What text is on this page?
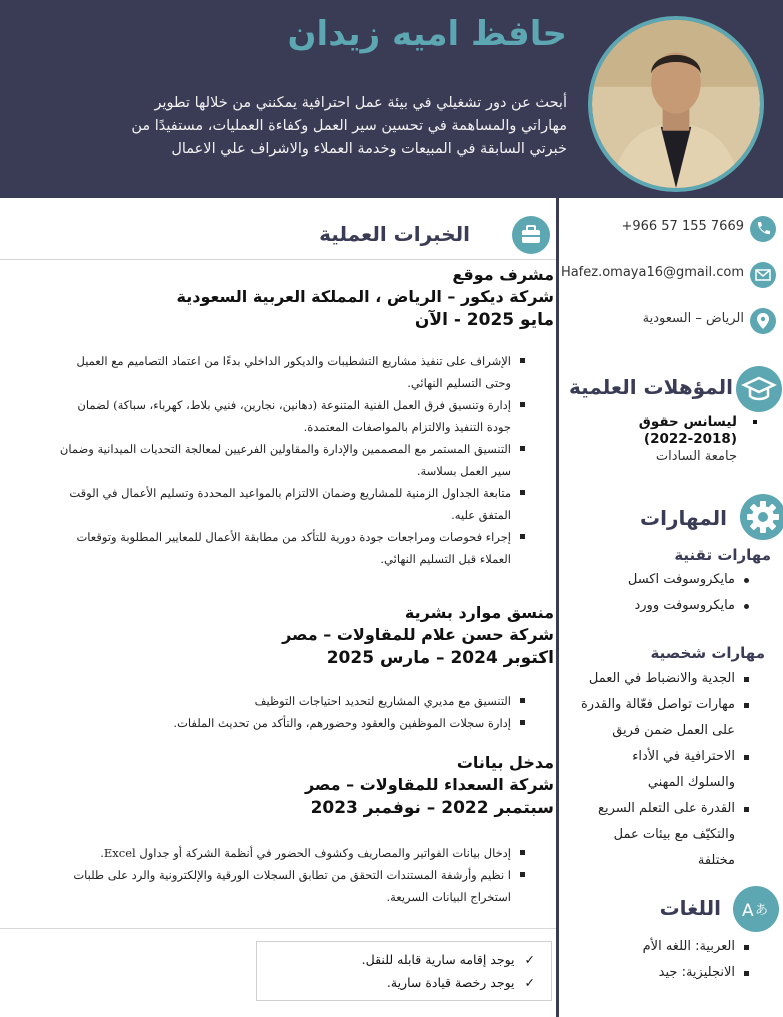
حافظ اميه زيدان
أبحث عن دور تشغيلي في بيئة عمل احترافية يمكنني من خلالها تطوير
مهاراتي والمساهمة في تحسين سير العمل وكفاءة العمليات، مستفيدًا من
خبرتي السابقة في المبيعات وخدمة العملاء والاشراف علي الاعمال
الخبرات العملية
مشرف موقع
شركة ديكور – الرياض ، المملكة العربية السعودية
مايو 2025 - الآن
الإشراف على تنفيذ مشاريع التشطيبات والديكور الداخلي بدءًا من اعتماد التصاميم مع العميل
وحتى التسليم النهائي.
إدارة وتنسيق فرق العمل الفنية المتنوعة (دهانين، نجارين، فنيي بلاط، كهرباء، سباكة) لضمان
جودة التنفيذ والالتزام بالمواصفات المعتمدة.
التنسيق المستمر مع المصممين والإدارة والمقاولين الفرعيين لمعالجة التحديات الميدانية وضمان
سير العمل بسلاسة.
متابعة الجداول الزمنية للمشاريع وضمان الالتزام بالمواعيد المحددة وتسليم الأعمال في الوقت
المتفق عليه.
إجراء فحوصات ومراجعات جودة دورية للتأكد من مطابقة الأعمال للمعايير المطلوبة وتوقعات
العملاء قبل التسليم النهائي.
منسق موارد بشرية
شركة حسن علام للمقاولات – مصر
اكتوبر 2024 – مارس 2025
التنسيق مع مديري المشاريع لتحديد احتياجات التوظيف
إدارة سجلات الموظفين والعقود وحضورهم، والتأكد من تحديث الملفات.
مدخل بيانات
شركة السعداء للمقاولات – مصر
سبتمبر 2022 – نوفمبر 2023
إدخال بيانات الفواتير والمصاريف وكشوف الحضور في أنظمة الشركة أو جداول Excel.
ا نظيم وأرشفة المستندات التحقق من تطابق السجلات الورقية والإلكترونية والرد على طلبات
استخراج البيانات السريعة.
✓يوجد إقامه سارية قابله للنقل.
✓يوجد رخصة قيادة سارية.
+966 57 155 7669
Hafez.omaya16@gmail.com
الرياض – السعودية
المؤهلات العلمية
ليسانس حقوق
(2022-2018)
جامعة السادات
المهارات
مهارات تقنية
مايكروسوفت اكسل
مايكروسوفت وورد
مهارات شخصية
الجدية والانضباط في العمل
مهارات تواصل فعّالة والقدرة
على العمل ضمن فريق
الاحترافية في الأداء
والسلوك المهني
القدرة على التعلم السريع
والتكيّف مع بيئات عمل
مختلفة
A あ
اللغات
العربية: اللغه الأم
الانجليزية: جيد
